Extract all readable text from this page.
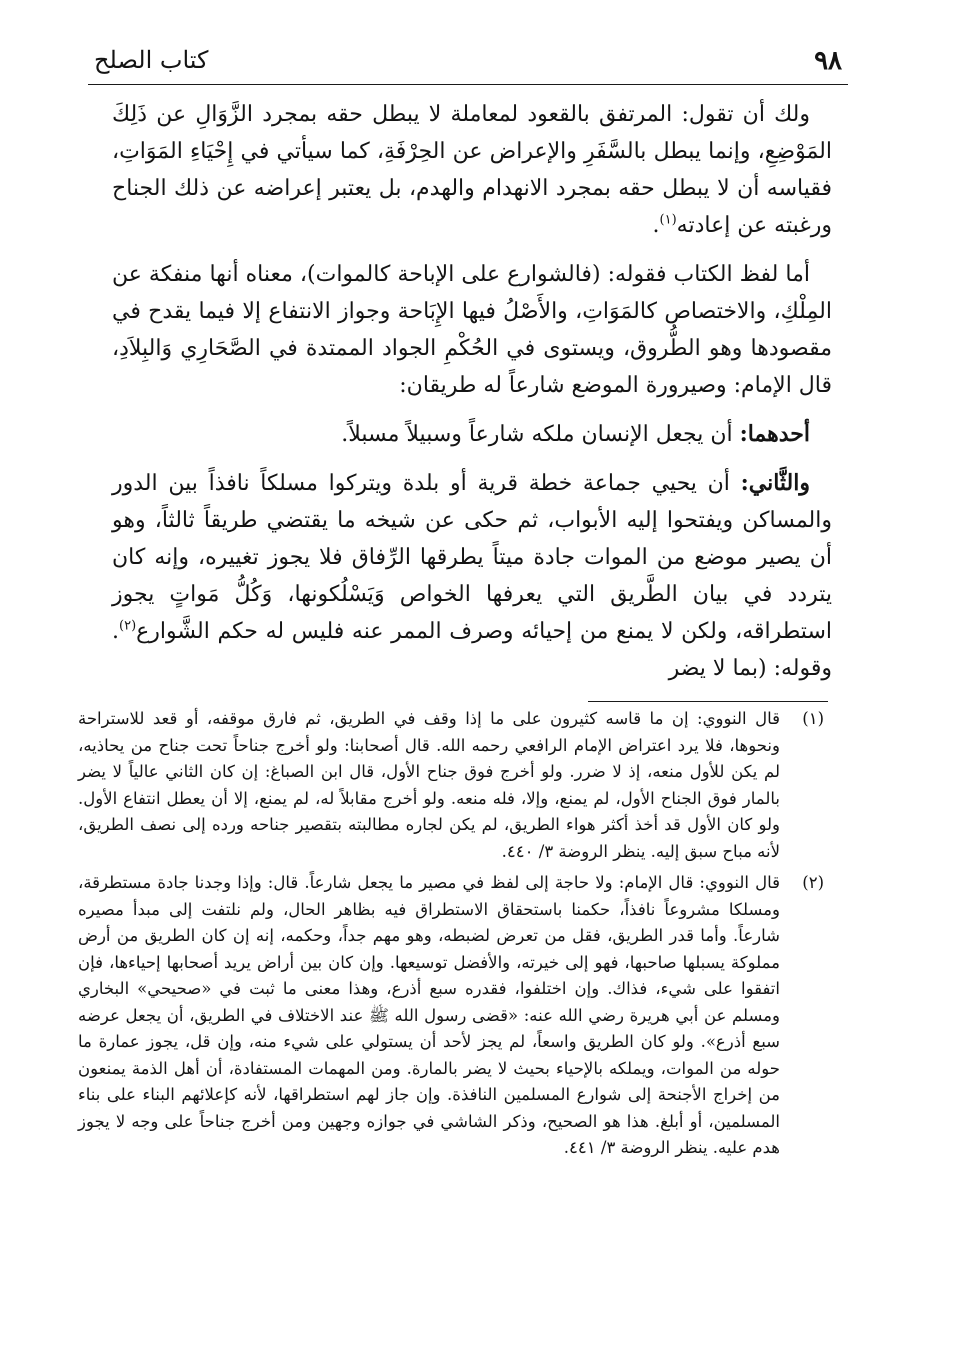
٩٨
كتاب الصلح

ولك أن تقول: المرتفق بالقعود لمعاملة لا يبطل حقه بمجرد الزَّوَالِ عن ذَلِكَ المَوْضِعِ، وإنما يبطل بالسَّفَرِ والإعراض عن الحِرْفَةِ، كما سيأتي في إِحْيَاءِ المَوَاتِ، فقياسه أن لا يبطل حقه بمجرد الانهدام والهدم، بل يعتبر إعراضه عن ذلك الجناح ورغبته عن إعادته$^{(١)}$.

أما لفظ الكتاب فقوله: (فالشوارع على الإباحة كالموات)، معناه أنها منفكة عن المِلْكِ، والاختصاص كالمَوَاتِ، والأَصْلُ فيها الإِبَاحة وجواز الانتفاع إلا فيما يقدح في مقصودها وهو الطُّروق، ويستوى في الحُكْمِ الجواد الممتدة في الصَّحَارِي وَالبِلاَدِ، قال الإمام: وصيرورة الموضع شارعاً له طريقان:

أحدهما: أن يجعل الإنسان ملكه شارعاً وسبيلاً مسبلاً.

والثَّاني: أن يحيي جماعة خطة قرية أو بلدة ويتركوا مسلكاً نافذاً بين الدور والمساكن ويفتحوا إليه الأبواب، ثم حكى عن شيخه ما يقتضي طريقاً ثالثاً، وهو أن يصير موضع من الموات جادة ميتاً يطرقها الرِّفاق فلا يجوز تغييره، وإنه كان يتردد في بيان الطَّريق التي يعرفها الخواص وَيَسْلُكونها، وَكُلُّ مَواتٍ يجوز استطراقه، ولكن لا يمنع من إحيائه وصرف الممر عنه فليس له حكم الشَّوارع$^{(٢)}$. وقوله: (بما لا يضر

(١)
قال النووي: إن ما قاسه كثيرون على ما إذا وقف في الطريق، ثم فارق موقفه، أو قعد للاستراحة ونحوها، فلا يرد اعتراض الإمام الرافعي رحمه الله. قال أصحابنا: ولو أخرج جناحاً تحت جناح من يحاذيه، لم يكن للأول منعه، إذ لا ضرر. ولو أخرج فوق جناح الأول، قال ابن الصباغ: إن كان الثاني عالياً لا يضر بالمار فوق الجناح الأول، لم يمنع، وإلا، فله منعه. ولو أخرج مقابلاً له، لم يمنع، إلا أن يعطل انتفاع الأول. ولو كان الأول قد أخذ أكثر هواء الطريق، لم يكن لجاره مطالبته بتقصير جناحه ورده إلى نصف الطريق، لأنه مباح سبق إليه. ينظر الروضة ٣/ ٤٤٠.
(٢)
قال النووي: قال الإمام: ولا حاجة إلى لفظ في مصير ما يجعل شارعاً. قال: وإذا وجدنا جادة مستطرقة، ومسلكا مشروعاً نافذاً، حكمنا باستحقاق الاستطراق فيه بظاهر الحال، ولم نلتفت إلى مبدأ مصيره شارعاً. وأما قدر الطريق، فقل من تعرض لضبطه، وهو مهم جداً، وحكمه، إنه إن كان الطريق من أرض مملوكة يسبلها صاحبها، فهو إلى خيرته، والأفضل توسيعها. وإن كان بين أراض يريد أصحابها إحياءها، فإن اتفقوا على شيء، فذاك. وإن اختلفوا، فقدره سبع أذرع، وهذا معنى ما ثبت في «صحيحي» البخاري ومسلم عن أبي هريرة رضي الله عنه: «قضى رسول الله ﷺ عند الاختلاف في الطريق، أن يجعل عرضه سبع أذرع». ولو كان الطريق واسعاً، لم يجز لأحد أن يستولي على شيء منه، وإن قل، يجوز عمارة ما حوله من الموات، ويملكه بالإحياء بحيث لا يضر بالمارة. ومن المهمات المستفادة، أن أهل الذمة يمنعون من إخراج الأجنحة إلى شوارع المسلمين النافذة. وإن جاز لهم استطراقها، لأنه كإعلائهم البناء على بناء المسلمين، أو أبلغ. هذا هو الصحيح، وذكر الشاشي في جوازه وجهين ومن أخرج جناحاً على وجه لا يجوز هدم عليه. ينظر الروضة ٣/ ٤٤١.
